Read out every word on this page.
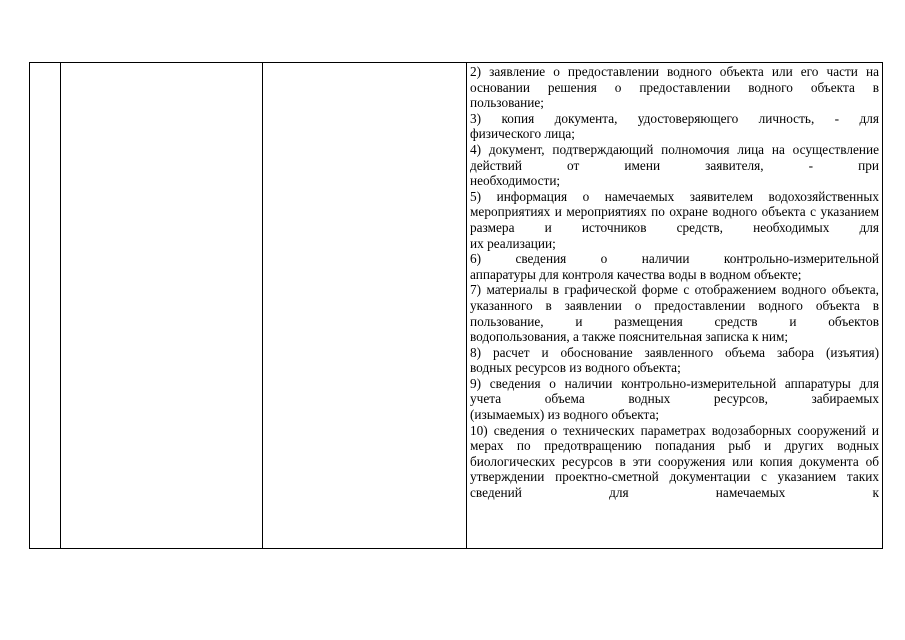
2) заявление о предоставлении водного объекта или его части на основании решения о предоставлении водного объекта в
пользование;
3) копия документа, удостоверяющего личность, - для
физического лица;
4) документ, подтверждающий полномочия лица на осуществление действий от имени заявителя, - при
необходимости;
5) информация о намечаемых заявителем водохозяйственных мероприятиях и мероприятиях по охране водного объекта с указанием размера и источников средств, необходимых для
их реализации;
6) сведения о наличии контрольно-измерительной
аппаратуры для контроля качества воды в водном объекте;
7) материалы в графической форме с отображением водного объекта, указанного в заявлении о предоставлении водного объекта в пользование, и размещения средств и объектов
водопользования, а также пояснительная записка к ним;
8) расчет и обоснование заявленного объема забора (изъятия)
водных ресурсов из водного объекта;
9) сведения о наличии контрольно-измерительной аппаратуры для учета объема водных ресурсов, забираемых
(изымаемых) из водного объекта;
10) сведения о технических параметрах водозаборных сооружений и мерах по предотвращению попадания рыб и других водных биологических ресурсов в эти сооружения или копия документа об утверждении проектно-сметной документации с указанием таких сведений для намечаемых к
